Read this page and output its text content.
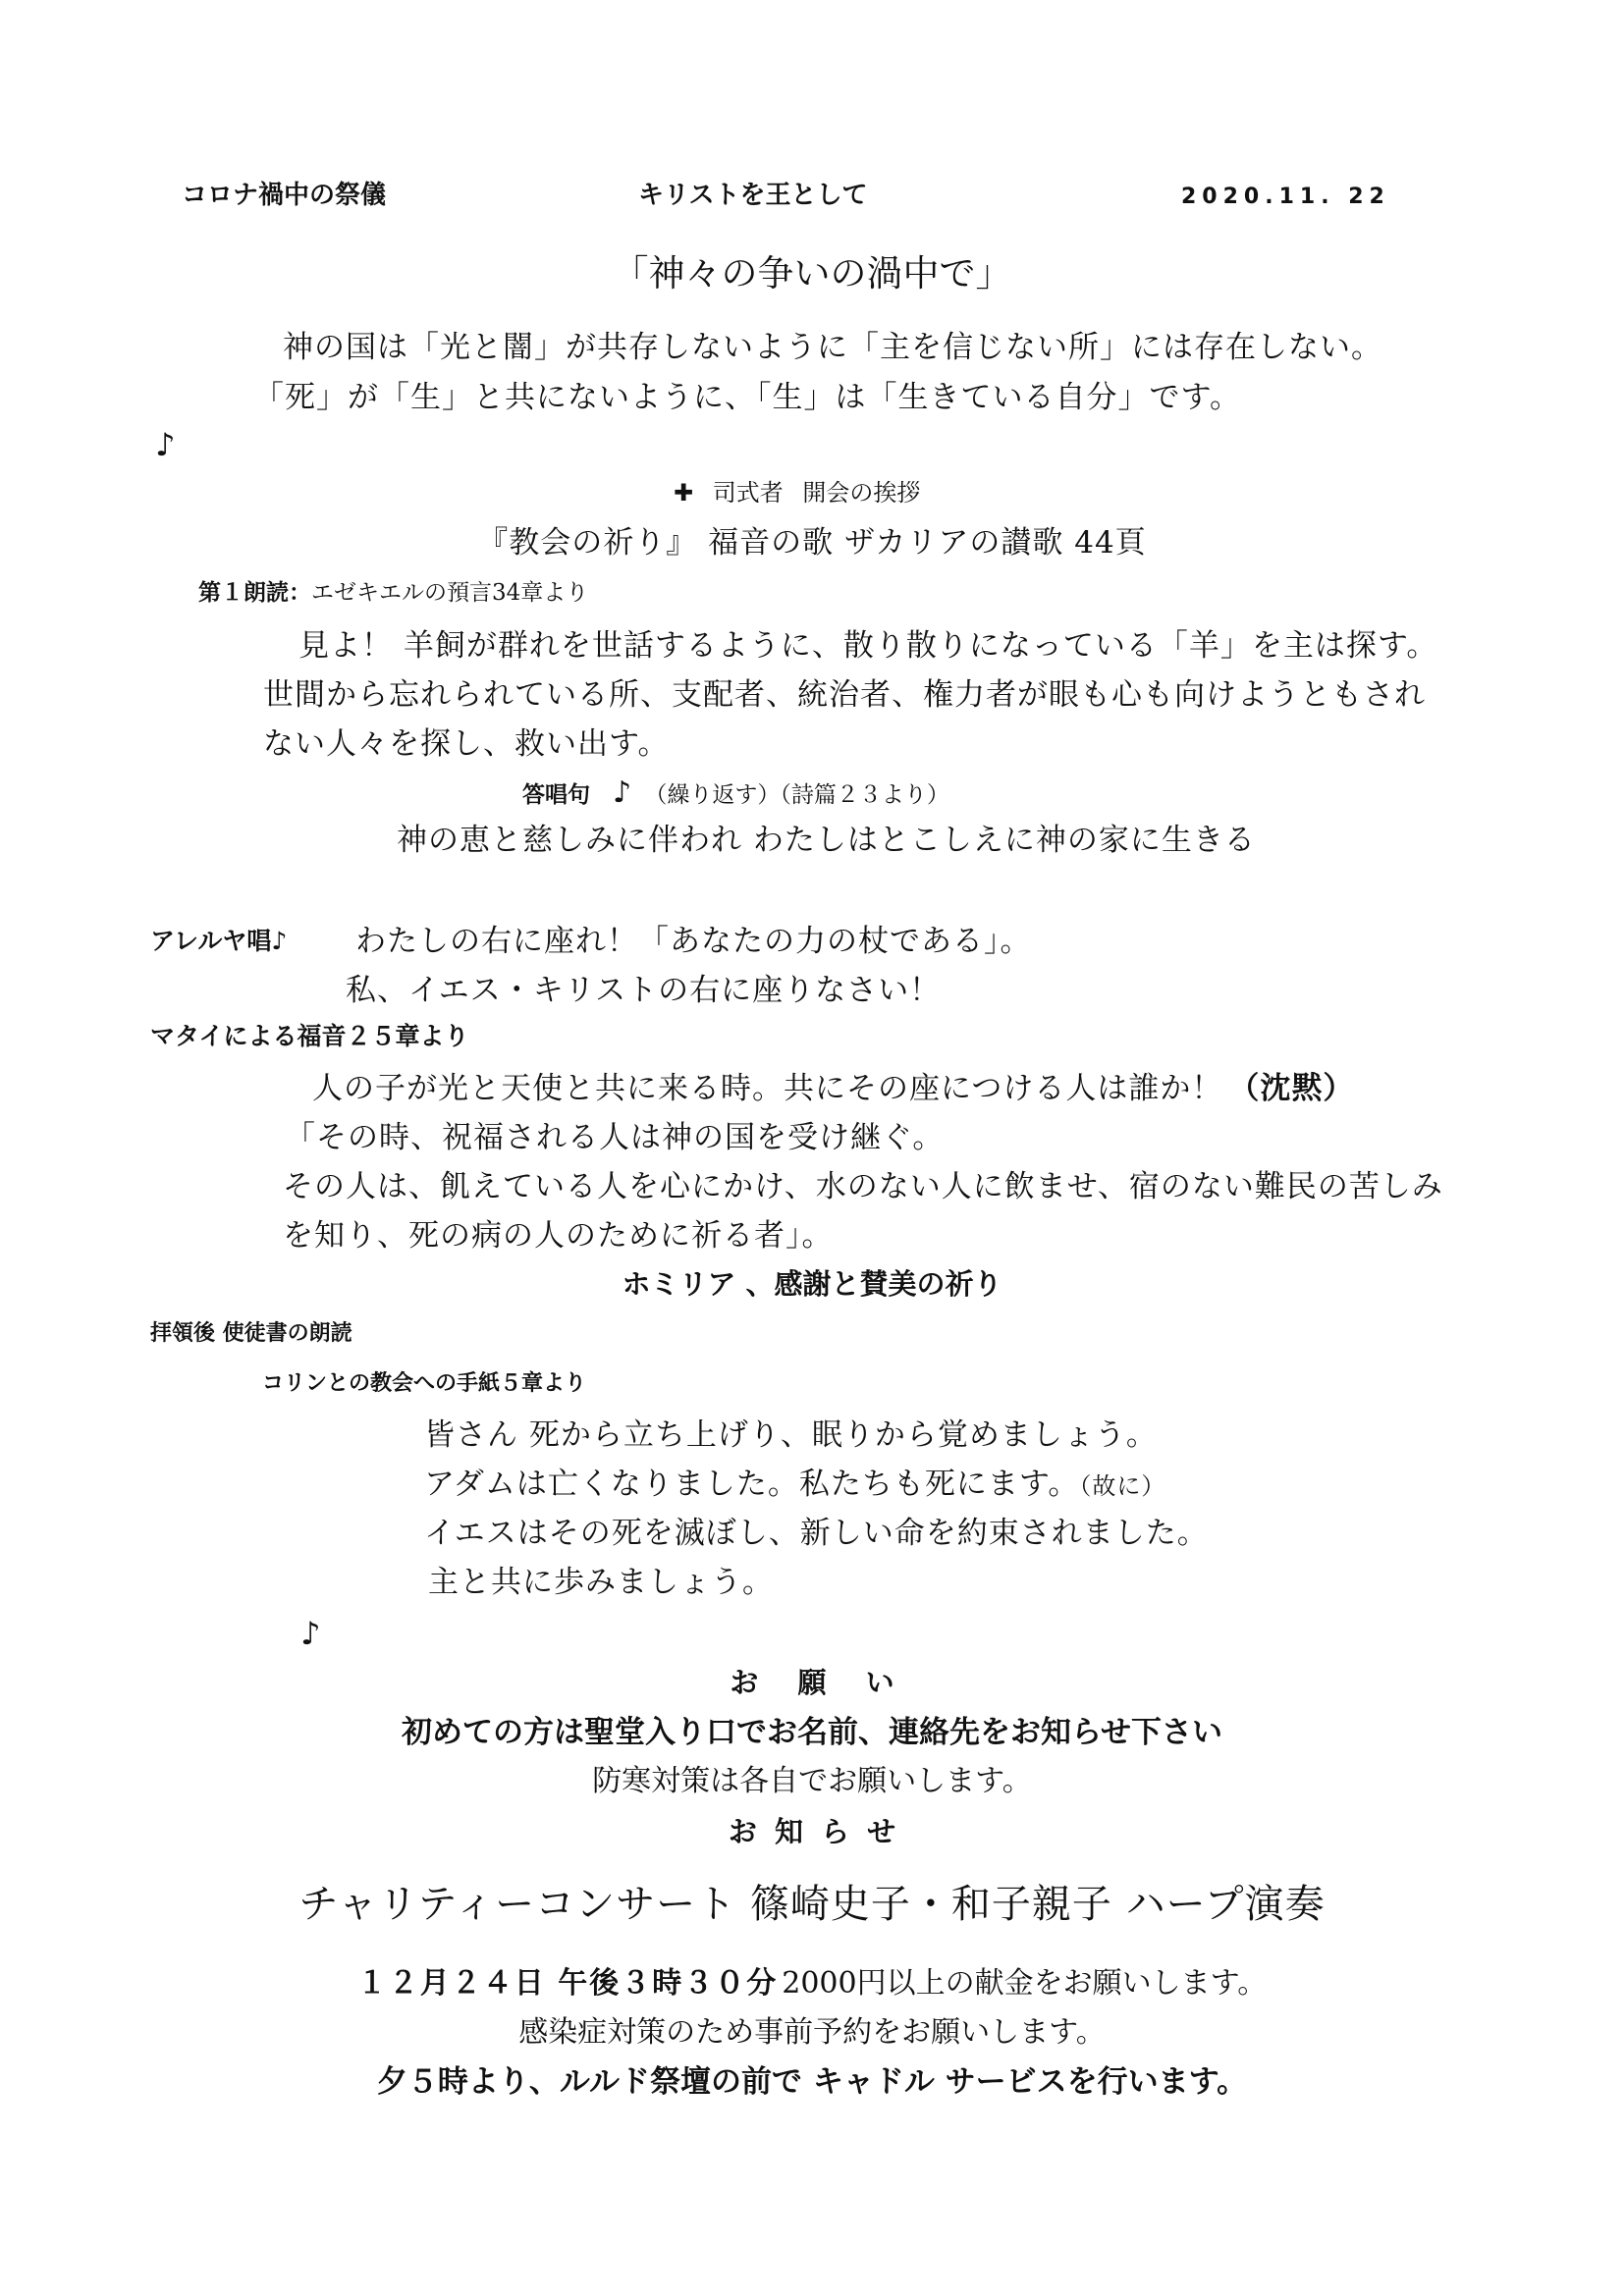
コロナ禍中の祭儀	キリストを王として	2020.11. 22
「神々の争いの渦中で」
神の国は「光と闇」が共存しないように「主を信じない所」には存在しない。
「死」が「生」と共にないように、「生」は「生きている自分」です。
♪
✚ 司式者 開会の挨拶
『教会の祈り』 福音の歌 ザカリアの讃歌 44頁
第１朗読：エゼキエルの預言34章より
見よ！ 羊飼が群れを世話するように、散り散りになっている「羊」を主は探す。
世間から忘れられている所、支配者、統治者、権力者が眼も心も向けようともされ
ない人々を探し、救い出す。
答唱句 ♪ （繰り返す）（詩篇２３より）
神の恵と慈しみに伴われ わたしはとこしえに神の家に生きる
アレルヤ唱♪ わたしの右に座れ！「あなたの力の杖である」。
私、イエス・キリストの右に座りなさい！
マタイによる福音２５章より
人の子が光と天使と共に来る時。共にその座につける人は誰か！ （沈黙）
「その時、祝福される人は神の国を受け継ぐ。
その人は、飢えている人を心にかけ、水のない人に飲ませ、宿のない難民の苦しみ
を知り、死の病の人のために祈る者」。
ホミリア 、感謝と賛美の祈り
拝領後 使徒書の朗読
コリンとの教会への手紙５章より
皆さん 死から立ち上げり、眠りから覚めましょう。
アダムは亡くなりました。私たちも死にます。（故に）
イエスはその死を滅ぼし、新しい命を約束されました。
主と共に歩みましょう。
♪
お 願 い
初めての方は聖堂入り口でお名前、連絡先をお知らせ下さい
防寒対策は各自でお願いします。
お 知 ら せ
チャリティーコンサート 篠崎史子・和子親子 ハープ演奏
１２月２４日 午後３時３０分 2000円以上の献金をお願いします。
感染症対策のため事前予約をお願いします。
夕５時より、ルルド祭壇の前で キャドル サービスを行います。
